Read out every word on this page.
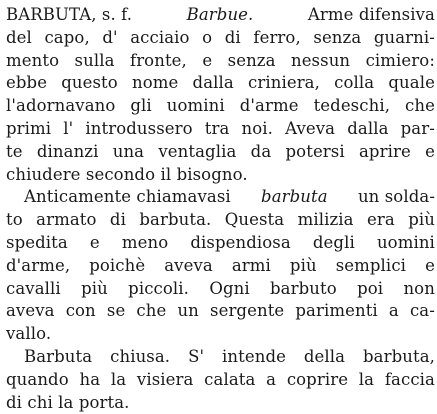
BARBUTA, s. f.	Barbue.	Arme difensiva
del capo, d' acciaio o di ferro, senza guarni-
mento sulla fronte, e senza nessun cimiero:
ebbe questo nome dalla criniera, colla quale
l'adornavano gli uomini d'arme tedeschi, che
primi l' introdussero tra noi. Aveva dalla par-
te dinanzi una ventaglia da potersi aprire e
chiudere secondo il bisogno.
Anticamente chiamavasi barbuta un solda-
to armato di barbuta. Questa milizia era più
spedita e meno dispendiosa degli uomini
d'arme, poichè aveva armi più semplici e
cavalli più piccoli. Ogni barbuto poi non
aveva con se che un sergente parimenti a ca-
vallo.
Barbuta chiusa. S' intende della barbuta,
quando ha la visiera calata a coprire la faccia
di chi la porta.
